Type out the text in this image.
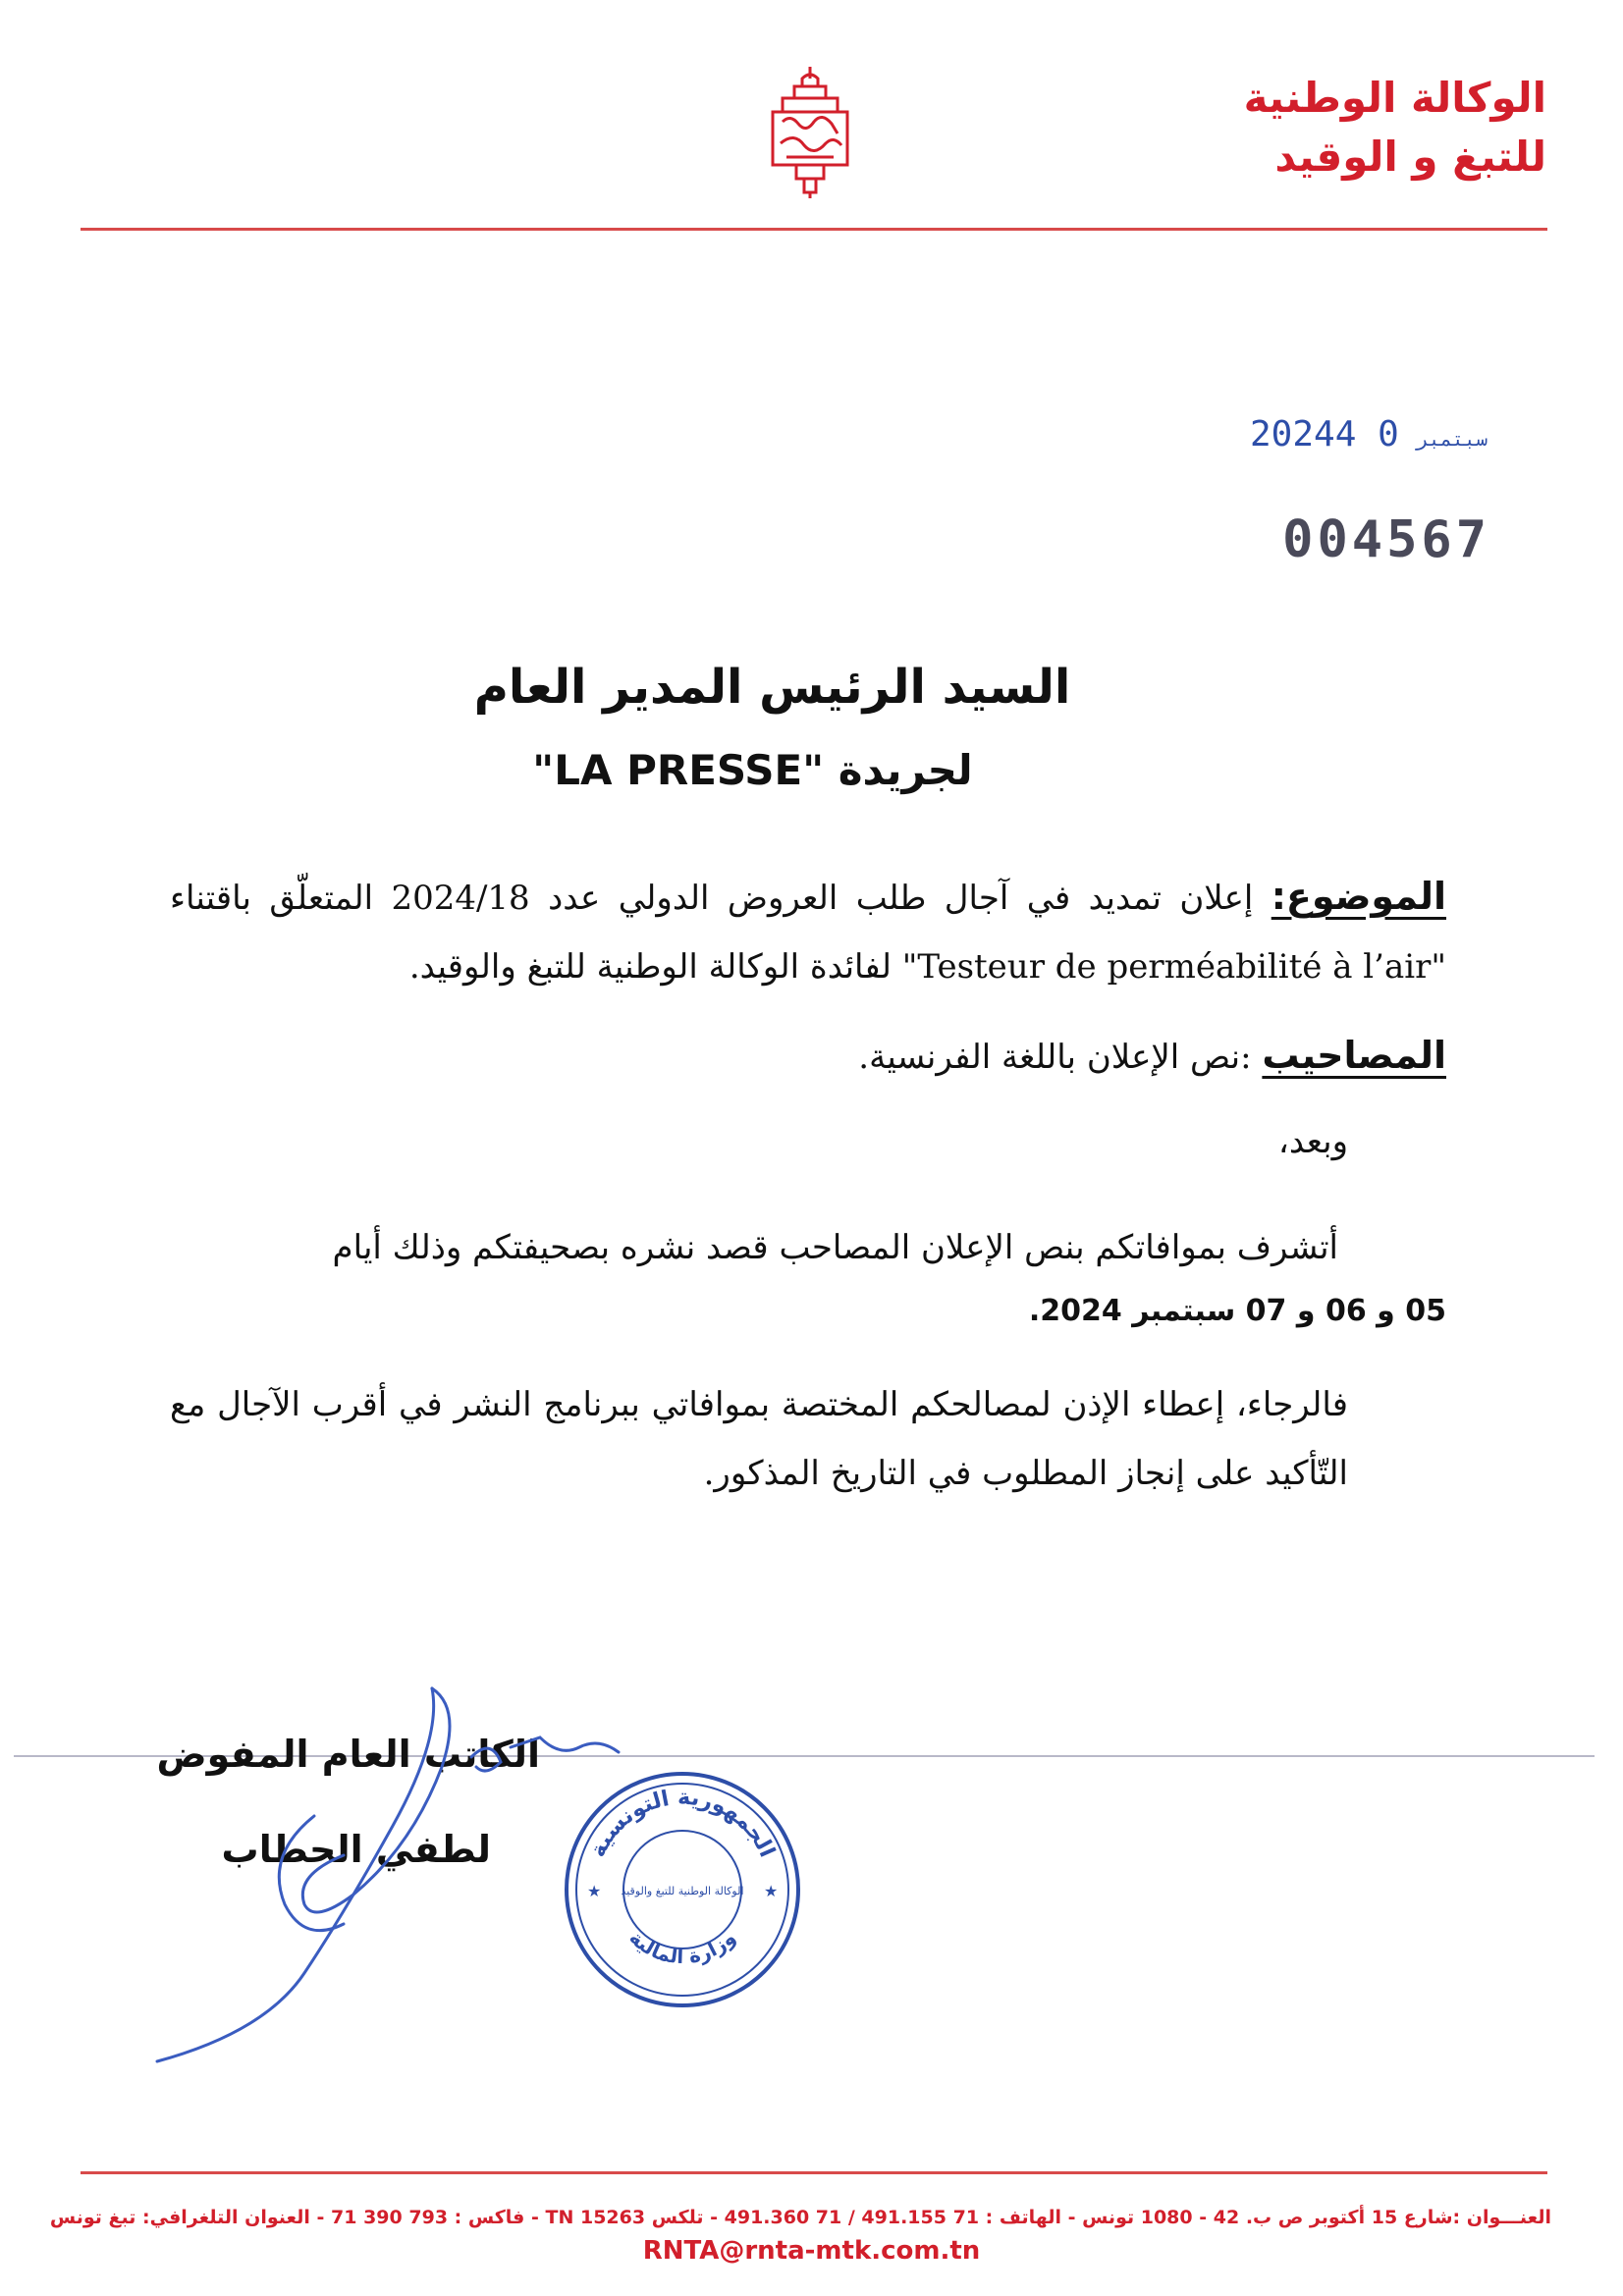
الوكالة الوطنية
للتبغ و الوقيد
2024	سبتمبر0 4
004567
السيد الرئيس المدير العام
لجريدة "LA PRESSE"
الموضوع: إعلان تمديد في آجال طلب العروض الدولي عدد 2024/18 المتعلّق باقتناء "Testeur de perméabilité à l’air" لفائدة الوكالة الوطنية للتبغ والوقيد.
المصاحيب :نص الإعلان باللغة الفرنسية.
وبعد،
أتشرف بموافاتكم بنص الإعلان المصاحب قصد نشره بصحيفتكم وذلك أيام
05 و 06 و 07 سبتمبر 2024.
فالرجاء، إعطاء الإذن لمصالحكم المختصة بموافاتي ببرنامج النشر في أقرب الآجال مع التّأكيد على إنجاز المطلوب في التاريخ المذكور.
الكاتب العام المفوض
لطفي الحطاب	الجمهورية التونسية
وزارة المالية
الوكالة الوطنية للتبغ والوقيد
★	★
العنـــوان :شارع 15 أكتوبر ص ب. 42 - 1080 تونس - الهاتف : 71 491.155 / 71 491.360 - تلكس 15263 TN - فاكس : 793 390 71 - العنوان التلغرافي: تبغ تونس
RNTA@rnta-mtk.com.tn
